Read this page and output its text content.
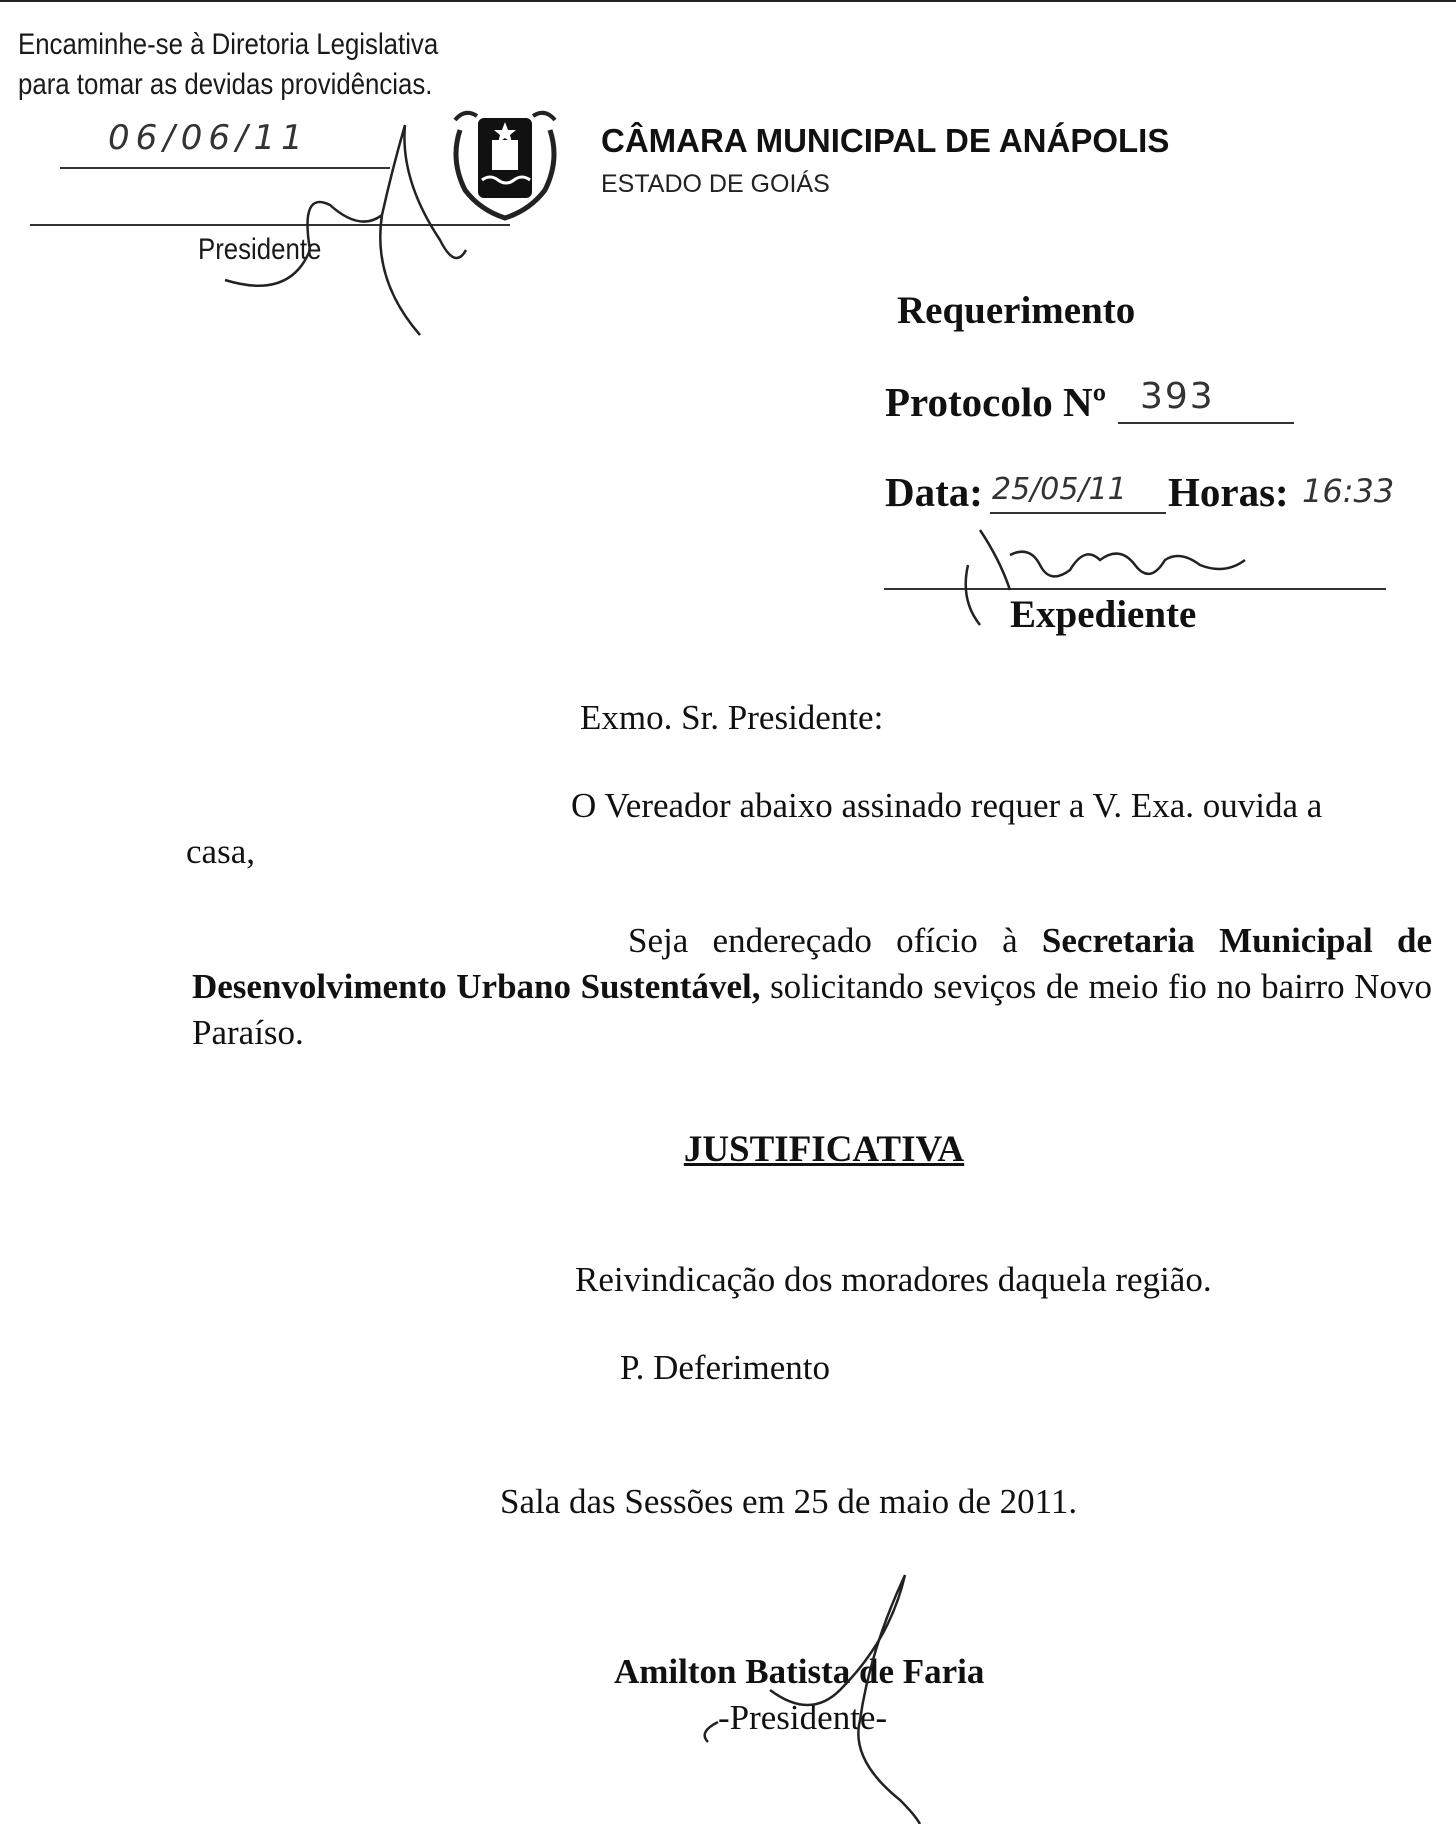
Encaminhe-se à Diretoria Legislativa
para tomar as devidas providências.
06/06/11
Presidente
CÂMARA MUNICIPAL DE ANÁPOLIS
ESTADO DE GOIÁS
Requerimento
Protocolo Nº 393
Data: 25/05/11 Horas: 16:33
Expediente
Exmo. Sr. Presidente:
O Vereador abaixo assinado requer a V. Exa. ouvida a
casa,
Seja endereçado ofício à Secretaria Municipal de Desenvolvimento Urbano Sustentável, solicitando seviços de meio fio no bairro Novo Paraíso.
JUSTIFICATIVA
Reivindicação dos moradores daquela região.
P. Deferimento
Sala das Sessões em 25 de maio de 2011.
Amilton Batista de Faria
-Presidente-
